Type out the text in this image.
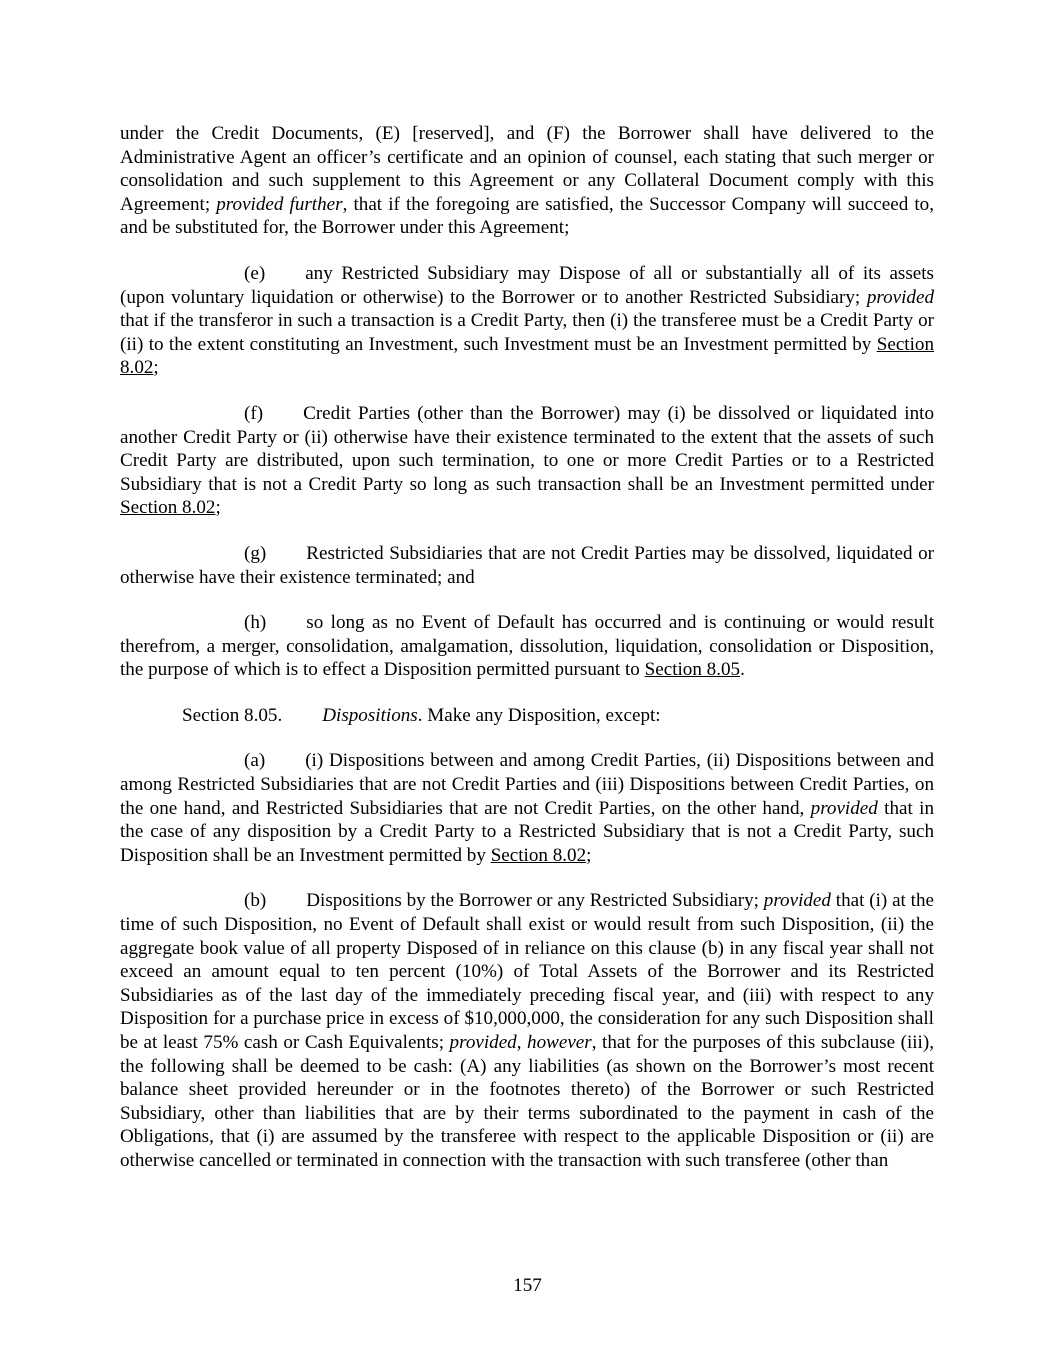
under the Credit Documents, (E) [reserved], and (F) the Borrower shall have delivered to the Administrative Agent an officer’s certificate and an opinion of counsel, each stating that such merger or consolidation and such supplement to this Agreement or any Collateral Document comply with this Agreement; provided further, that if the foregoing are satisfied, the Successor Company will succeed to, and be substituted for, the Borrower under this Agreement;

(e) any Restricted Subsidiary may Dispose of all or substantially all of its assets (upon voluntary liquidation or otherwise) to the Borrower or to another Restricted Subsidiary; provided that if the transferor in such a transaction is a Credit Party, then (i) the transferee must be a Credit Party or (ii) to the extent constituting an Investment, such Investment must be an Investment permitted by Section 8.02;

(f) Credit Parties (other than the Borrower) may (i) be dissolved or liquidated into another Credit Party or (ii) otherwise have their existence terminated to the extent that the assets of such Credit Party are distributed, upon such termination, to one or more Credit Parties or to a Restricted Subsidiary that is not a Credit Party so long as such transaction shall be an Investment permitted under Section 8.02;

(g) Restricted Subsidiaries that are not Credit Parties may be dissolved, liquidated or otherwise have their existence terminated; and

(h) so long as no Event of Default has occurred and is continuing or would result therefrom, a merger, consolidation, amalgamation, dissolution, liquidation, consolidation or Disposition, the purpose of which is to effect a Disposition permitted pursuant to Section 8.05.

Section 8.05. Dispositions. Make any Disposition, except:

(a) (i) Dispositions between and among Credit Parties, (ii) Dispositions between and among Restricted Subsidiaries that are not Credit Parties and (iii) Dispositions between Credit Parties, on the one hand, and Restricted Subsidiaries that are not Credit Parties, on the other hand, provided that in the case of any disposition by a Credit Party to a Restricted Subsidiary that is not a Credit Party, such Disposition shall be an Investment permitted by Section 8.02;

(b) Dispositions by the Borrower or any Restricted Subsidiary; provided that (i) at the time of such Disposition, no Event of Default shall exist or would result from such Disposition, (ii) the aggregate book value of all property Disposed of in reliance on this clause (b) in any fiscal year shall not exceed an amount equal to ten percent (10%) of Total Assets of the Borrower and its Restricted Subsidiaries as of the last day of the immediately preceding fiscal year, and (iii) with respect to any Disposition for a purchase price in excess of $10,000,000, the consideration for any such Disposition shall be at least 75% cash or Cash Equivalents; provided, however, that for the purposes of this subclause (iii), the following shall be deemed to be cash: (A) any liabilities (as shown on the Borrower’s most recent balance sheet provided hereunder or in the footnotes thereto) of the Borrower or such Restricted Subsidiary, other than liabilities that are by their terms subordinated to the payment in cash of the Obligations, that (i) are assumed by the transferee with respect to the applicable Disposition or (ii) are otherwise cancelled or terminated in connection with the transaction with such transferee (other than

157
